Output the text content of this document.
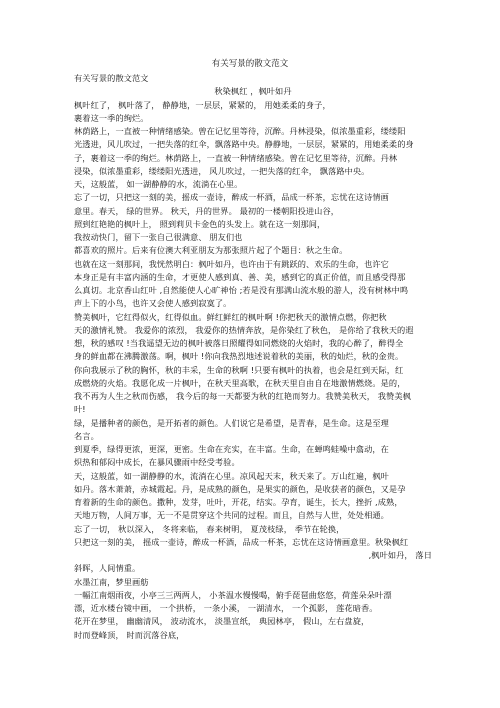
有关写景的散文范文

有关写景的散文范文

秋染枫红 ，枫叶如丹

枫叶红了， 枫叶落了， 静静地，一层层，紧紧的， 用她柔柔的身子，

裹着这一季的绚烂。

林荫路上，一直被一种情绪感染。曾在记忆里等待，沉醉。丹林浸染，似浓墨重彩，缕缕阳

光透进，风儿吹过，一把失落的红伞，飘落路中央。静静地，一层层，紧紧的，用她柔柔的身

子，裹着这一季的绚烂。林荫路上，一直被一种情绪感染。曾在记忆里等待，沉醉。丹林

浸染，似浓墨重彩，缕缕阳光透进， 风儿吹过，一把失落的红伞， 飘落路中央。

天，这般蓝， 如一湖静静的水，流淌在心里。

忘了一切，只把这一刻的美，摇成一壶诗，醉成一杯酒，品成一杯茶，忘忧在这诗情画

意里。春天， 绿的世界。 秋天，丹的世界。 最初的一楼朝阳投进山谷，

照到红艳艳的枫叶上， 照到莉贝卡金色的头发上。就在这一刻那间，

我按动快门，留下一张自己很满意、 朋友们也

都喜欢的照片。后来有位澳大利亚朋友为那张照片起了个题目：秋之生命。

也就在这一刻那间，我恍然明白：枫叶如丹，也许由于有跳跃的、欢乐的生命，也许它

本身正是有丰富内涵的生命，才更使人感到真、善、美，感到它的真正价值，而且感受得那

么真切。北京香山红叶 ,自然能使人心旷神怡 ;若是没有那满山流水般的游人，没有树林中鸣

声上下的小鸟，也许又会使人感到寂寞了。

赞美枫叶，它红得似火，红得似血。鲜红鲜红的枫叶啊 !你把秋天的激情点燃，你把秋

天的激情礼赞。 我爱你的浓烈， 我爱你的热情奔放，是你染红了秋色， 是你给了我秋天的遐

想，秋的感叹 !当我遥望无边的枫叶被落日照耀得如同燃烧的火焰时，我的心醉了，醉得全

身的鲜血都在沸腾激荡。啊，枫叶 !你向我热烈地述说着秋的美丽，秋的灿烂，秋的金贵。

你向我展示了秋的胸怀，秋的丰采，生命的秋啊 !只要有枫叶的执着，也会是红到天际，红

成燃烧的火焰。我愿化成一片枫叶，在秋天里高歌，在秋天里自由自在地激情燃烧。是的，

我不再为人生之秋而伤感， 我今后的每一天都要为秋的红艳而努力。我赞美秋天， 我赞美枫

叶!

绿，是播种者的颜色，是开拓者的颜色。人们说它是希望，是青春，是生命。这是至理

名言。

到夏季，绿得更浓，更深，更密。生命在充实，在丰富。生命，在蝉鸣蛙噪中翕动，在

炽热和郁闷中成长，在暴风骤雨中经受考验。

天，这般蓝，如一湖静静的水，流淌在心里。凉风起天末，秋天来了。万山红遍，枫叶

如丹。落木萧萧，赤城霞起。丹，是成熟的颜色，是果实的颜色，是收获者的颜色，又是孕

育着新的生命的颜色。撒种，发芽，吐叶，开花，结实。孕育，诞生，长大，挫折 ,成熟，

天地万物，人间万事，无一不是贯穿这个共同的过程。而且，自然与人世，处处相通。

忘了一切， 秋以深入， 冬将来临， 春来树明， 夏茂枝绿， 季节在轮换，

只把这一刻的美， 摇成一壶诗，醉成一杯酒，品成一杯茶，忘忧在这诗情画意里。秋染枫红

,枫叶如丹， 落日

斜晖，人间情重。

水墨江南，梦里画舫

一幅江南烟雨夜，小亭三三两两人， 小茶温水慢慢喝，俯手琵琶曲悠悠，荷莲朵朵叶漂

漂，近水楼台镜中画， 一个拱桥， 一条小溪， 一湖清水， 一个孤影， 莲花暗香。

花开在梦里， 幽幽清风， 波动流水， 淡墨宣纸， 典园林亭， 假山，左右盘旋，

时而登峰顶， 时而沉落谷底，
